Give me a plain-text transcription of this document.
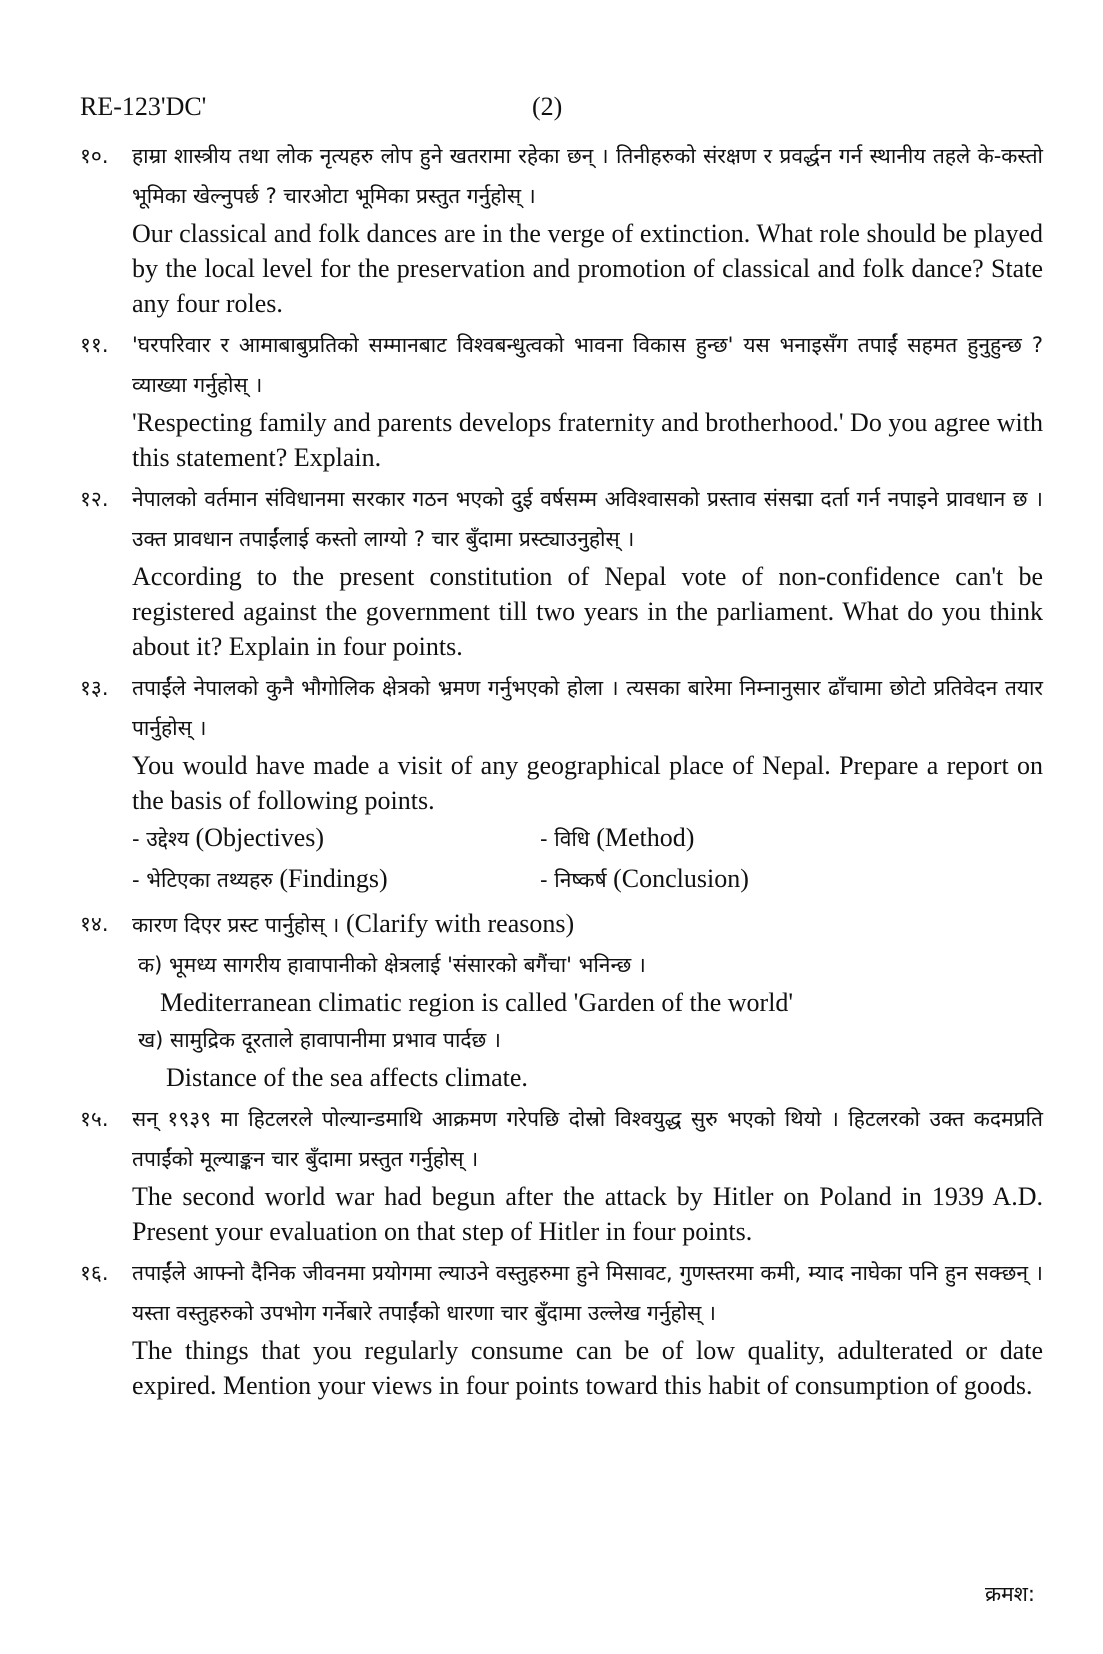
RE-123'DC'	(2)
१०. हाम्रा शास्त्रीय तथा लोक नृत्यहरु लोप हुने खतरामा रहेका छन् । तिनीहरुको संरक्षण र प्रवर्द्धन गर्न स्थानीय तहले के-कस्तो भूमिका खेल्नुपर्छ ? चारओटा भूमिका प्रस्तुत गर्नुहोस् ।
Our classical and folk dances are in the verge of extinction. What role should be played by the local level for the preservation and promotion of classical and folk dance? State any four roles.
११. 'घरपरिवार र आमाबाबुप्रतिको सम्मानबाट विश्वबन्धुत्वको भावना विकास हुन्छ' यस भनाइसँग तपाईं सहमत हुनुहुन्छ ? व्याख्या गर्नुहोस् ।
'Respecting family and parents develops fraternity and brotherhood.' Do you agree with this statement? Explain.
१२. नेपालको वर्तमान संविधानमा सरकार गठन भएको दुई वर्षसम्म अविश्वासको प्रस्ताव संसद्मा दर्ता गर्न नपाइने प्रावधान छ । उक्त प्रावधान तपाईंलाई कस्तो लाग्यो ? चार बुँदामा प्रस्ट्याउनुहोस् ।
According to the present constitution of Nepal vote of non-confidence can't be registered against the government till two years in the parliament. What do you think about it? Explain in four points.
१३. तपाईंले नेपालको कुनै भौगोलिक क्षेत्रको भ्रमण गर्नुभएको होला । त्यसका बारेमा निम्नानुसार ढाँचामा छोटो प्रतिवेदन तयार पार्नुहोस् ।
You would have made a visit of any geographical place of Nepal. Prepare a report on the basis of following points.
- उद्देश्य (Objectives)	- विधि (Method)
- भेटिएका तथ्यहरु (Findings)	- निष्कर्ष (Conclusion)
१४. कारण दिएर प्रस्ट पार्नुहोस् । (Clarify with reasons)
क) भूमध्य सागरीय हावापानीको क्षेत्रलाई 'संसारको बगैंचा' भनिन्छ ।
Mediterranean climatic region is called 'Garden of the world'
ख) सामुद्रिक दूरताले हावापानीमा प्रभाव पार्दछ ।
Distance of the sea affects climate.
१५. सन् १९३९ मा हिटलरले पोल्यान्डमाथि आक्रमण गरेपछि दोस्रो विश्वयुद्ध सुरु भएको थियो । हिटलरको उक्त कदमप्रति तपाईंको मूल्याङ्कन चार बुँदामा प्रस्तुत गर्नुहोस् ।
The second world war had begun after the attack by Hitler on Poland in 1939 A.D. Present your evaluation on that step of Hitler in four points.
१६. तपाईंले आफ्नो दैनिक जीवनमा प्रयोगमा ल्याउने वस्तुहरुमा हुने मिसावट, गुणस्तरमा कमी, म्याद नाघेका पनि हुन सक्छन् । यस्ता वस्तुहरुको उपभोग गर्नेबारे तपाईंको धारणा चार बुँदामा उल्लेख गर्नुहोस् ।
The things that you regularly consume can be of low quality, adulterated or date expired. Mention your views in four points toward this habit of consumption of goods.
क्रमश:
